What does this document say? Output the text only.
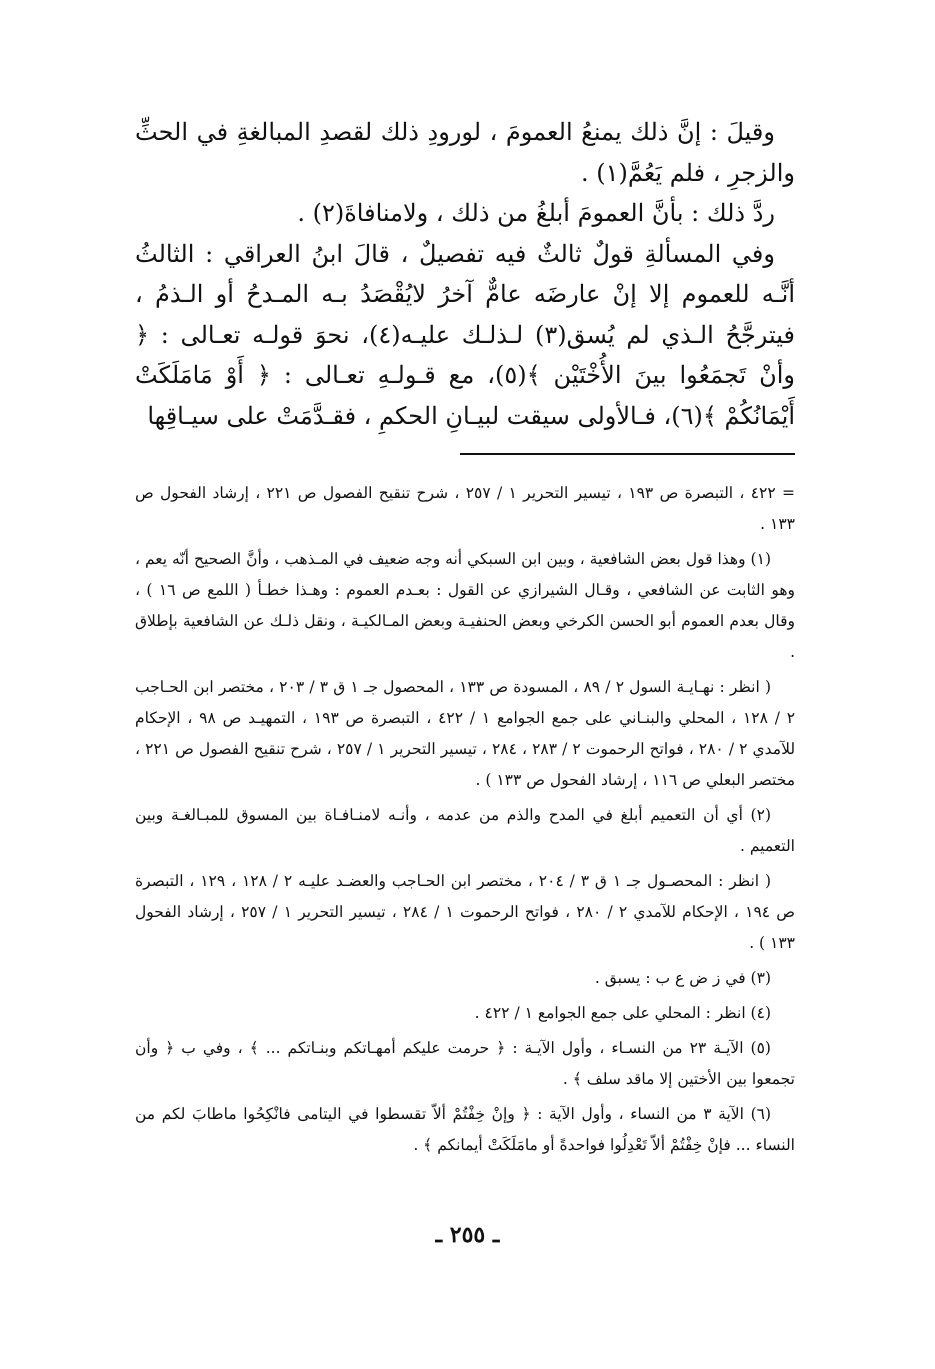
وقيلَ : إنَّ ذلك يمنعُ العمومَ ، لورودِ ذلك لقصدِ المبالغةِ في الحثِّ والزجرِ ، فلم يَعُمَّ(١) .

ردَّ ذلك : بأنَّ العمومَ أبلغُ من ذلك ، ولامنافاةَ(٢) .

وفي المسألةِ قولٌ ثالثٌ فيه تفصيلٌ ، قالَ ابنُ العراقي : الثالثُ أنَّـه للعموم إلا إنْ عارضَه عامٌّ آخرُ لايُقْصَدُ بـه المـدحُ أو الـذمُ ، فيترجَّحُ الـذي لم يُسق(٣) لـذلـك عليـه(٤)، نحوَ قولـه تعـالى : ﴿ وأنْ تَجمَعُوا بينَ الأُخْتَيْن ﴾(٥)، مع قـولـهِ تعـالى : ﴿ أَوْ مَامَلَكَتْ أَيْمَانُكُمْ ﴾(٦)، فـالأولى سيقت لبيـانِ الحكمِ ، فقـدَّمَتْ على سيـاقِها

= ٤٢٢ ، التبصرة ص ١٩٣ ، تيسير التحرير ١ / ٢٥٧ ، شرح تنقيح الفصول ص ٢٢١ ، إرشاد الفحول ص ١٣٣ .

(١) وهذا قول بعض الشافعية ، وبين ابن السبكي أنه وجه ضعيف في المـذهب ، وأنَّ الصحيح أنّه يعم ، وهو الثابت عن الشافعي ، وقـال الشيرازي عن القول : بعـدم العموم : وهـذا خطـأ ( اللمع ص ١٦ ) ، وقال بعدم العموم أبو الحسن الكرخي وبعض الحنفيـة وبعض المـالكيـة ، ونقل ذلـك عن الشافعية بإطلاق .

( انظر : نهـايـة السول ٢ / ٨٩ ، المسودة ص ١٣٣ ، المحصول جـ ١ ق ٣ / ٢٠٣ ، مختصر ابن الحـاجب ٢ / ١٢٨ ، المحلي والبنـاني على جمع الجوامع ١ / ٤٢٢ ، التبصرة ص ١٩٣ ، التمهيـد ص ٩٨ ، الإحكام للآمدي ٢ / ٢٨٠ ، فواتح الرحموت ٢ / ٢٨٣ ، ٢٨٤ ، تيسير التحرير ١ / ٢٥٧ ، شرح تنقيح الفصول ص ٢٢١ ، مختصر البعلي ص ١١٦ ، إرشاد الفحول ص ١٣٣ ) .

(٢) أي أن التعميم أبلغ في المدح والذم من عدمه ، وأنـه لامنـافـاة بين المسوق للمبـالغـة وبين التعميم .

( انظر : المحصـول جـ ١ ق ٣ / ٢٠٤ ، مختصر ابن الحـاجب والعضـد عليـه ٢ / ١٢٨ ، ١٢٩ ، التبصرة ص ١٩٤ ، الإحكام للآمدي ٢ / ٢٨٠ ، فواتح الرحموت ١ / ٢٨٤ ، تيسير التحرير ١ / ٢٥٧ ، إرشاد الفحول ١٣٣ ) .

(٣) في ز ض ع ب : يسبق .

(٤) انظر : المحلي على جمع الجوامع ١ / ٤٢٢ .

(٥) الآيـة ٢٣ من النسـاء ، وأول الآيـة : ﴿ حرمت عليكم أمهـاتكم وبنـاتكم ... ﴾ ، وفي ب ﴿ وأن تجمعوا بين الأختين إلا ماقد سلف ﴾ .

(٦) الآية ٣ من النساء ، وأول الآية : ﴿ وإنْ خِفْتُمْ ألاّ تقسطوا في اليتامى فانْكِحُوا ماطابَ لكم من النساء ... فإنْ خِفْتُمْ ألاّ تَعْدِلُوا فواحدةً أو مامَلَكَتْ أيمانكم ﴾ .

ـ ٢٥٥ ـ
